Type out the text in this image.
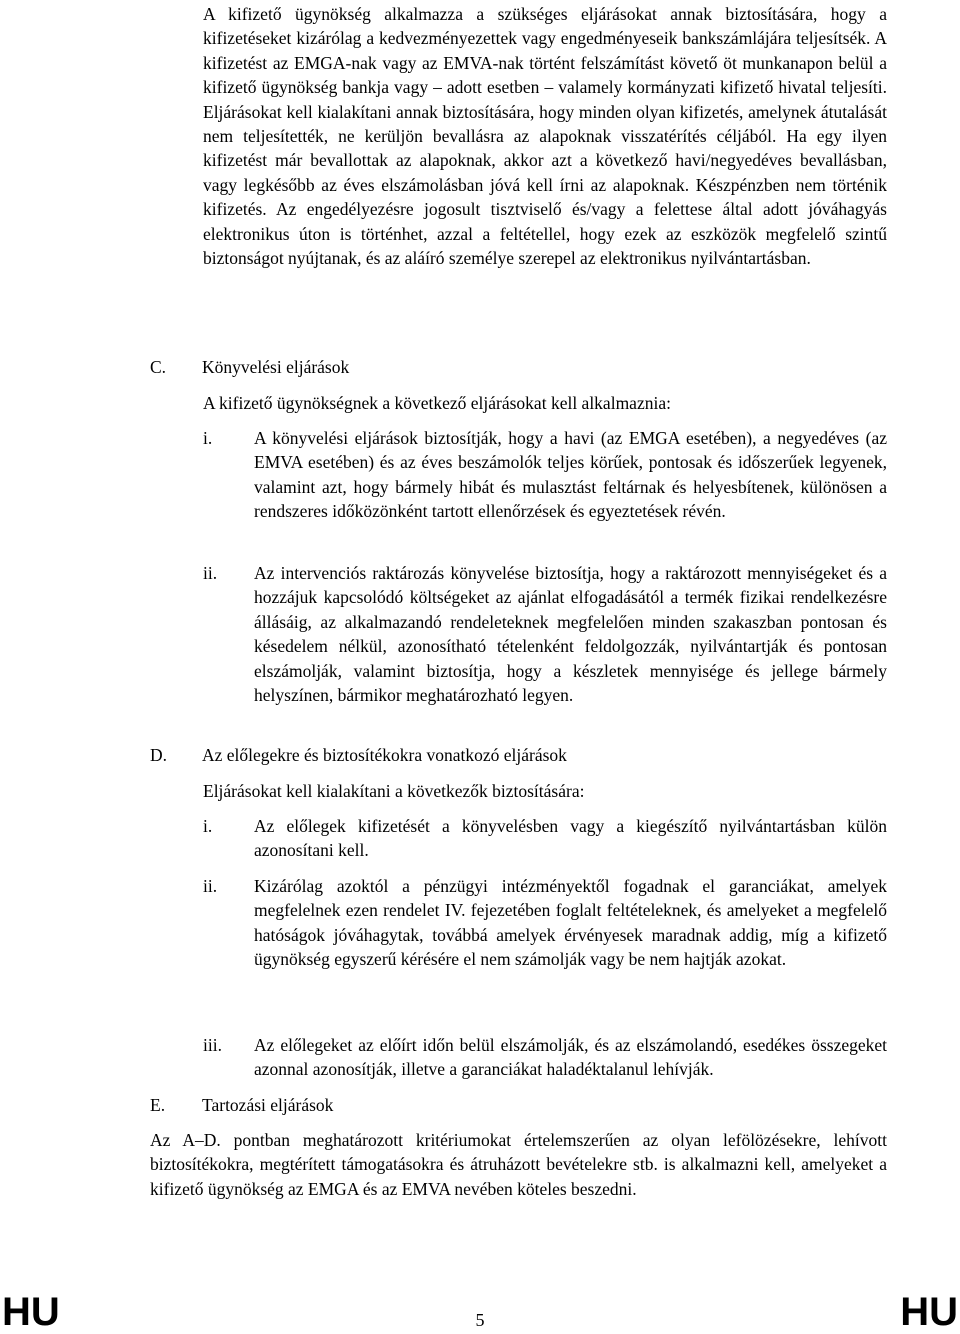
A kifizető ügynökség alkalmazza a szükséges eljárásokat annak biztosítására, hogy a kifizetéseket kizárólag a kedvezményezettek vagy engedményeseik bankszámlájára teljesítsék. A kifizetést az EMGA-nak vagy az EMVA-nak történt felszámítást követő öt munkanapon belül a kifizető ügynökség bankja vagy – adott esetben – valamely kormányzati kifizető hivatal teljesíti. Eljárásokat kell kialakítani annak biztosítására, hogy minden olyan kifizetés, amelynek átutalását nem teljesítették, ne kerüljön bevallásra az alapoknak visszatérítés céljából. Ha egy ilyen kifizetést már bevallottak az alapoknak, akkor azt a következő havi/negyedéves bevallásban, vagy legkésőbb az éves elszámolásban jóvá kell írni az alapoknak. Készpénzben nem történik kifizetés. Az engedélyezésre jogosult tisztviselő és/vagy a felettese által adott jóváhagyás elektronikus úton is történhet, azzal a feltétellel, hogy ezek az eszközök megfelelő szintű biztonságot nyújtanak, és az aláíró személye szerepel az elektronikus nyilvántartásban.

C. Könyvelési eljárások

A kifizető ügynökségnek a következő eljárásokat kell alkalmaznia:

i. A könyvelési eljárások biztosítják, hogy a havi (az EMGA esetében), a negyedéves (az EMVA esetében) és az éves beszámolók teljes körűek, pontosak és időszerűek legyenek, valamint azt, hogy bármely hibát és mulasztást feltárnak és helyesbítenek, különösen a rendszeres időközönként tartott ellenőrzések és egyeztetések révén.
ii. Az intervenciós raktározás könyvelése biztosítja, hogy a raktározott mennyiségeket és a hozzájuk kapcsolódó költségeket az ajánlat elfogadásától a termék fizikai rendelkezésre állásáig, az alkalmazandó rendeleteknek megfelelően minden szakaszban pontosan és késedelem nélkül, azonosítható tételenként feldolgozzák, nyilvántartják és pontosan elszámolják, valamint biztosítja, hogy a készletek mennyisége és jellege bármely helyszínen, bármikor meghatározható legyen.
D. Az előlegekre és biztosítékokra vonatkozó eljárások

Eljárásokat kell kialakítani a következők biztosítására:

i. Az előlegek kifizetését a könyvelésben vagy a kiegészítő nyilvántartásban külön azonosítani kell.
ii. Kizárólag azoktól a pénzügyi intézményektől fogadnak el garanciákat, amelyek megfelelnek ezen rendelet IV. fejezetében foglalt feltételeknek, és amelyeket a megfelelő hatóságok jóváhagytak, továbbá amelyek érvényesek maradnak addig, míg a kifizető ügynökség egyszerű kérésére el nem számolják vagy be nem hajtják azokat.
iii. Az előlegeket az előírt időn belül elszámolják, és az elszámolandó, esedékes összegeket azonnal azonosítják, illetve a garanciákat haladéktalanul lehívják.
E. Tartozási eljárások

Az A–D. pontban meghatározott kritériumokat értelemszerűen az olyan lefölözésekre, lehívott biztosítékokra, megtérített támogatásokra és átruházott bevételekre stb. is alkalmazni kell, amelyeket a kifizető ügynökség az EMGA és az EMVA nevében köteles beszedni.

HU	5	HU
